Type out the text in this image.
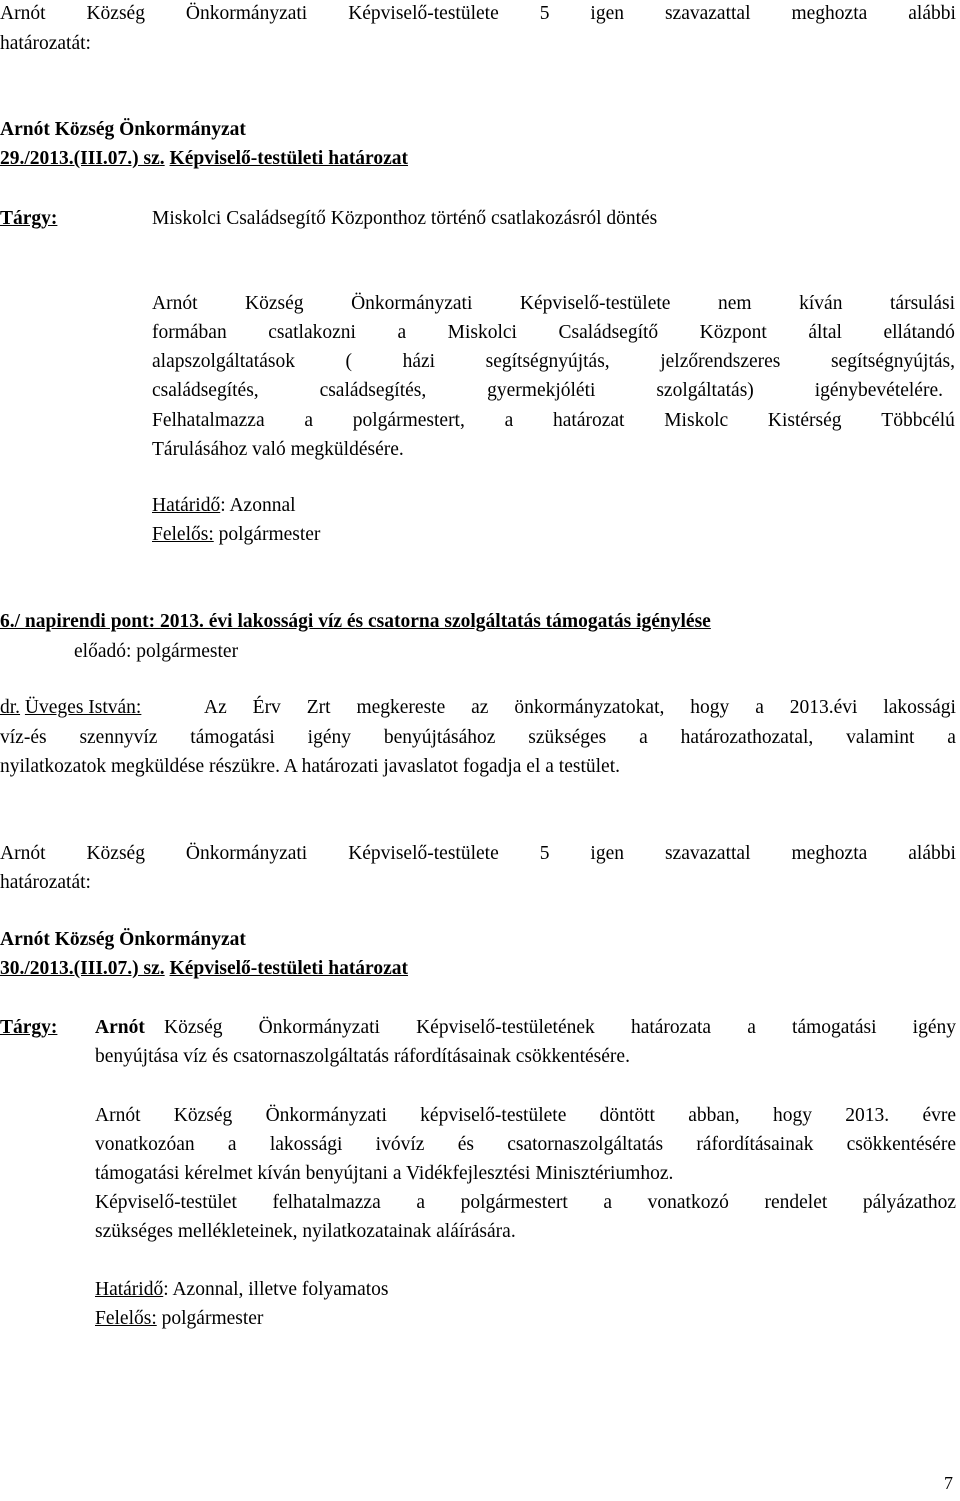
Arnót Község Önkormányzati Képviselő-testülete 5 igen szavazattal meghozta alábbi
határozatát:
Arnót Község Önkormányzat
29./2013.(III.07.) sz. Képviselő-testületi határozat
Tárgy:	Miskolci Családsegítő Központhoz történő csatlakozásról döntés
Arnót Község Önkormányzati Képviselő-testülete nem kíván társulási
formában csatlakozni a Miskolci Családsegítő Központ által ellátandó
alapszolgáltatások	(	házi	segítségnyújtás,	jelzőrendszeres	segítségnyújtás,
családsegítés,	családsegítés,	gyermekjóléti	szolgáltatás)	igénybevételére.
Felhatalmazza a polgármestert, a határozat Miskolc Kistérség Többcélú
Tárulásához való megküldésére.
Határidő: Azonnal
Felelős: polgármester
6./ napirendi pont: 2013. évi lakossági víz és csatorna szolgáltatás támogatás igénylése
előadó: polgármester
dr. Üveges István:	Az Érv Zrt megkereste az önkormányzatokat, hogy a 2013.évi lakossági
víz-és szennyvíz támogatási igény benyújtásához szükséges a határozathozatal, valamint a
nyilatkozatok megküldése részükre. A határozati javaslatot fogadja el a testület.
Arnót Község Önkormányzati Képviselő-testülete 5 igen szavazattal meghozta alábbi
határozatát:
Arnót Község Önkormányzat
30./2013.(III.07.) sz. Képviselő-testületi határozat
Tárgy: Arnót Község Önkormányzati Képviselő-testületének határozata a támogatási igény
benyújtása víz és csatornaszolgáltatás ráfordításainak csökkentésére.
Arnót Község Önkormányzati képviselő-testülete döntött abban, hogy 2013. évre
vonatkozóan a lakossági ivóvíz és csatornaszolgáltatás ráfordításainak csökkentésére
támogatási kérelmet kíván benyújtani a Vidékfejlesztési Minisztériumhoz.
Képviselő-testület felhatalmazza a polgármestert a vonatkozó rendelet pályázathoz
szükséges mellékleteinek, nyilatkozatainak aláírására.
Határidő: Azonnal, illetve folyamatos
Felelős: polgármester
7
